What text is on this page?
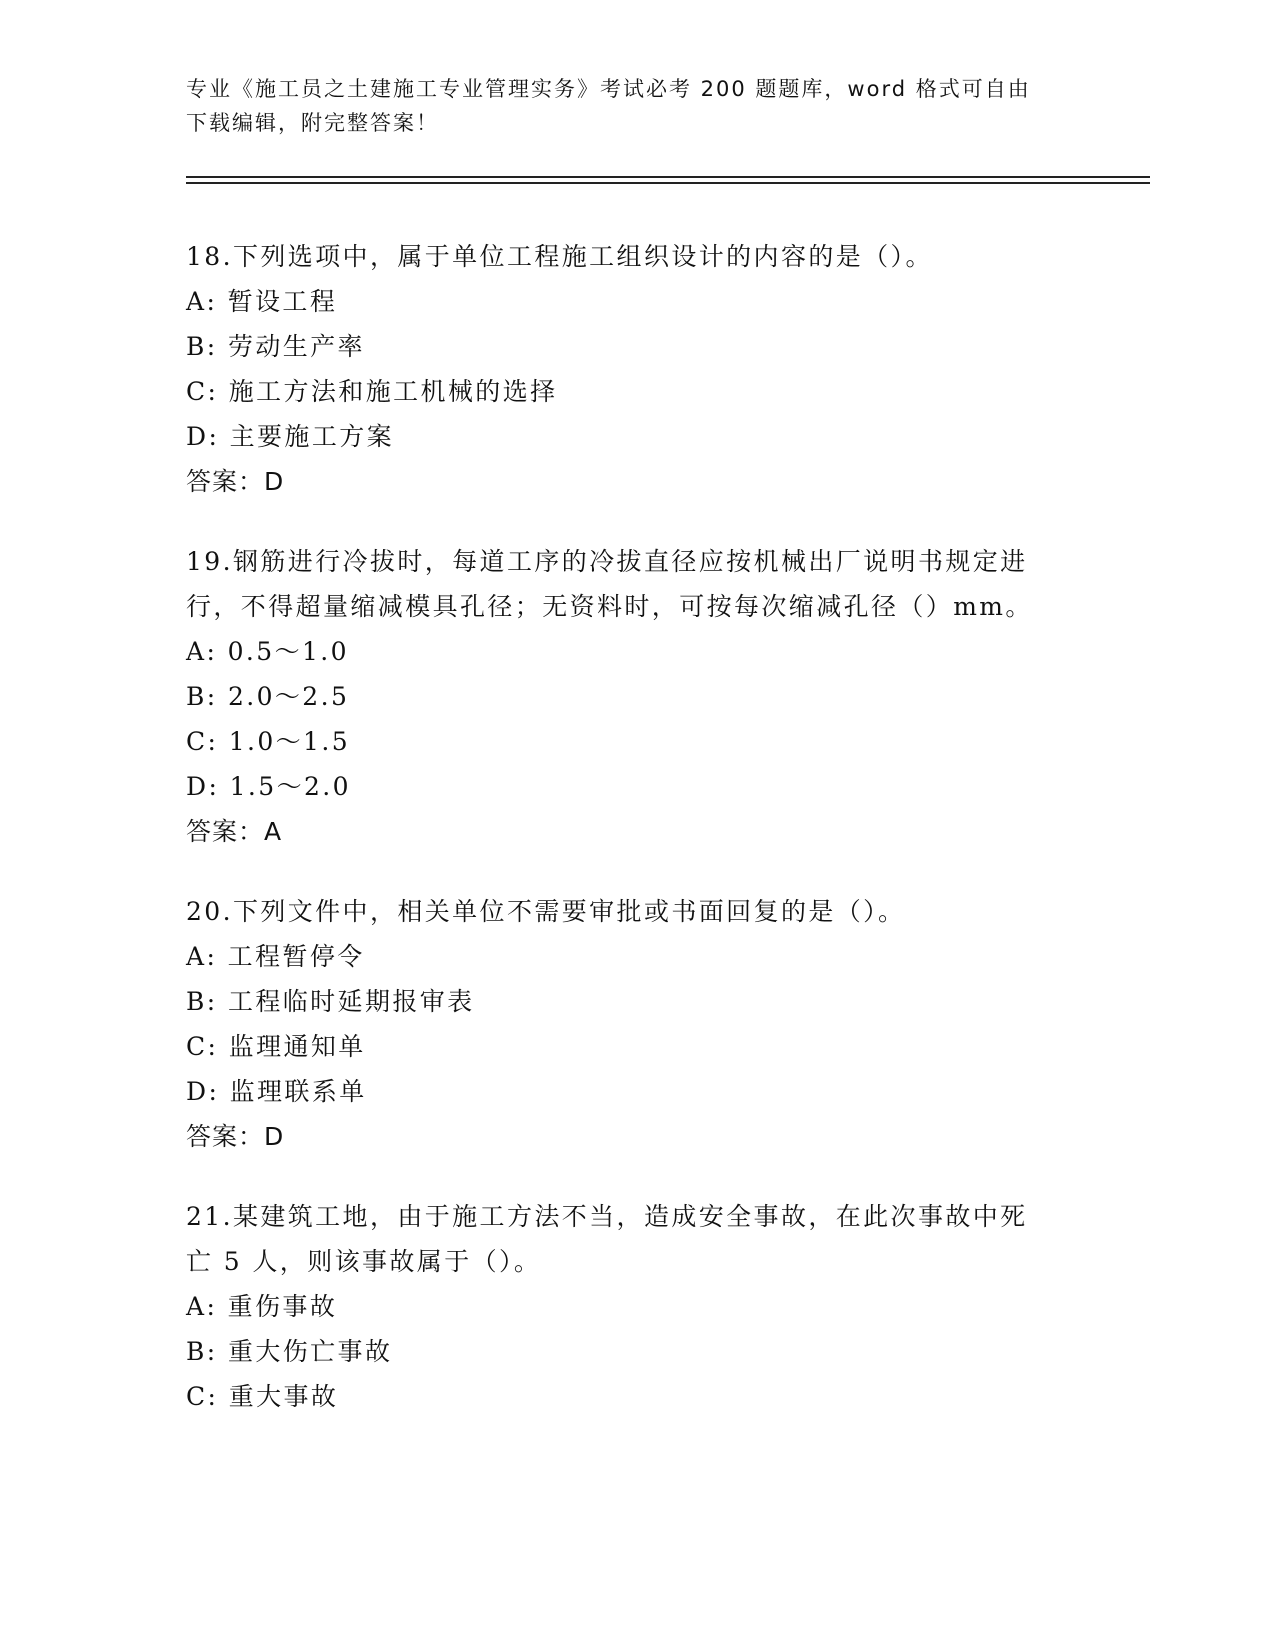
专业《施工员之土建施工专业管理实务》考试必考 200 题题库，word 格式可自由
下载编辑，附完整答案！
18.下列选项中，属于单位工程施工组织设计的内容的是（）。
A: 暂设工程
B: 劳动生产率
C: 施工方法和施工机械的选择
D: 主要施工方案
答案：D
19.钢筋进行冷拔时，每道工序的冷拔直径应按机械出厂说明书规定进
行，不得超量缩减模具孔径；无资料时，可按每次缩减孔径（）mm。
A: 0.5～1.0
B: 2.0～2.5
C: 1.0～1.5
D: 1.5～2.0
答案：A
20.下列文件中，相关单位不需要审批或书面回复的是（）。
A: 工程暂停令
B: 工程临时延期报审表
C: 监理通知单
D: 监理联系单
答案：D
21.某建筑工地，由于施工方法不当，造成安全事故，在此次事故中死
亡 5 人，则该事故属于（）。
A: 重伤事故
B: 重大伤亡事故
C: 重大事故
